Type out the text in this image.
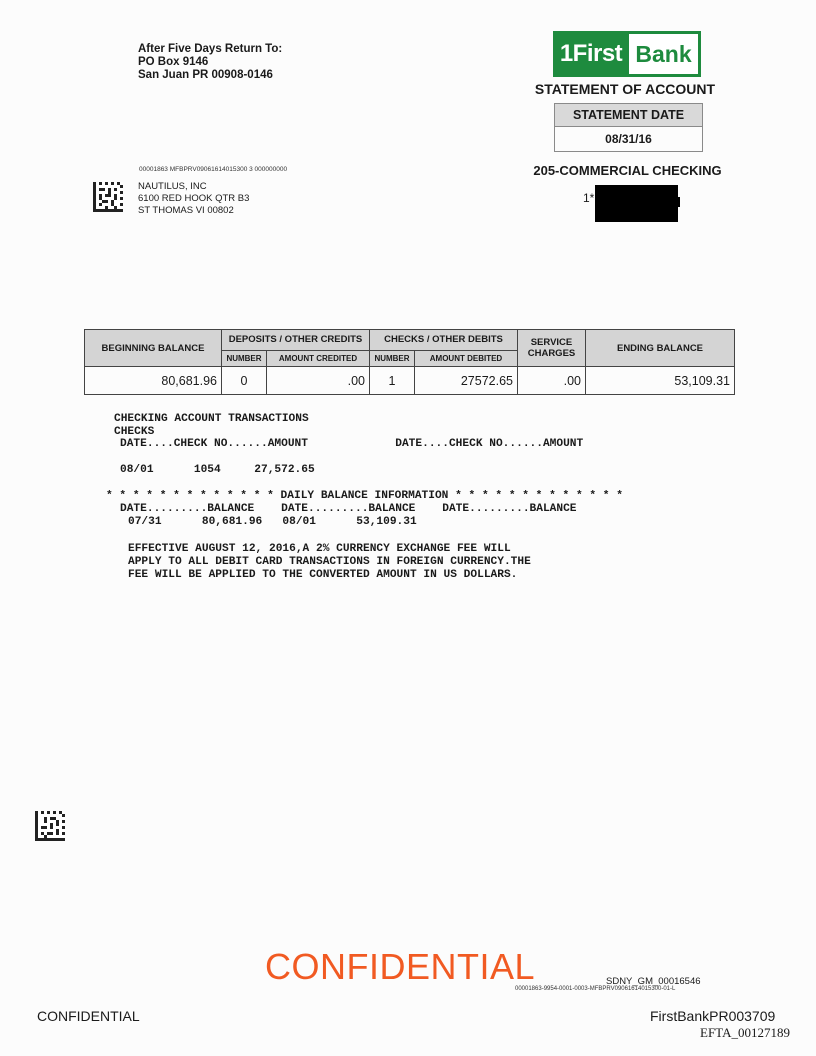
After Five Days Return To:
PO Box 9146
San Juan PR 00908-0146
1First Bank
STATEMENT OF ACCOUNT
STATEMENT DATE
08/31/16
205-COMMERCIAL CHECKING
1*
00001863 MFBPRV09061614015300 3 000000000
NAUTILUS, INC
6100 RED HOOK QTR B3
ST THOMAS VI 00802
BEGINNING BALANCE	DEPOSITS / OTHER CREDITS		CHECKS / OTHER DEBITS		SERVICE CHARGES	ENDING BALANCE
	NUMBER	AMOUNT CREDITED	NUMBER	AMOUNT DEBITED		
80,681.96	0	.00	1	27572.65	.00	53,109.31
CHECKING ACCOUNT TRANSACTIONS
CHECKS
DATE....CHECK NO......AMOUNT             DATE....CHECK NO......AMOUNT
08/01      1054     27,572.65
* * * * * * * * * * * * * DAILY BALANCE INFORMATION * * * * * * * * * * * * *
DATE.........BALANCE    DATE.........BALANCE    DATE.........BALANCE
07/31      80,681.96   08/01      53,109.31
EFFECTIVE AUGUST 12, 2016,A 2% CURRENCY EXCHANGE FEE WILL
APPLY TO ALL DEBIT CARD TRANSACTIONS IN FOREIGN CURRENCY.THE
FEE WILL BE APPLIED TO THE CONVERTED AMOUNT IN US DOLLARS.
CONFIDENTIAL	SDNY_GM_00016546
00001863-9954-0001-0003-MFBPRV09061614015300-01-L
CONFIDENTIAL	FirstBankPR003709
EFTA_00127189
